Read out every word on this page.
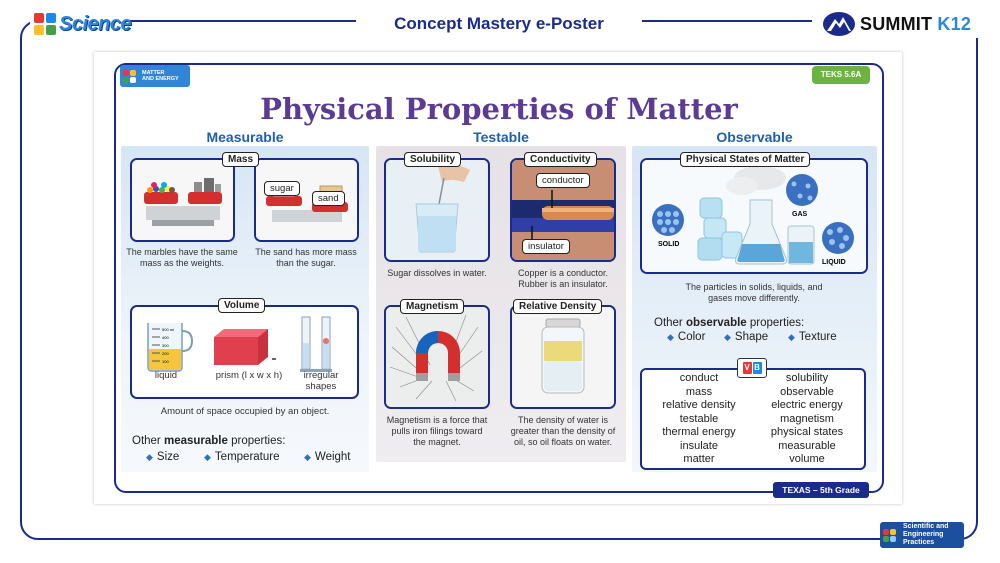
Science	Concept Mastery e-Poster	SUMMIT K12
MATTER
AND ENERGY	TEKS 5.6A
Physical Properties of Matter
Measurable	Testable	Observable
Mass
sugar
sand
The marbles have the same mass as the weights.
The sand has more mass than the sugar.
Volume
500 ml
400
300
200
100
liquid	prism (l x w x h)	irregular shapes
Amount of space occupied by an object.
Other measurable properties:
◆ Size	◆ Temperature	◆ Weight
Solubility
Sugar dissolves in water.
Conductivity
conductor
insulator
Copper is a conductor. Rubber is an insulator.
Magnetism
Magnetism is a force that pulls iron filings toward the magnet.
Relative Density
The density of water is greater than the density of oil, so oil floats on water.
Physical States of Matter
SOLID
GAS
LIQUID
The particles in solids, liquids, and gases move differently.
Other observable properties:
◆ Color ◆ Shape ◆ Texture
V B
conduct
mass
relative density
testable
thermal energy
insulate
matter
solubility
observable
electric energy
magnetism
physical states
measurable
volume
TEXAS – 5th Grade
Scientific and
Engineering Practices
